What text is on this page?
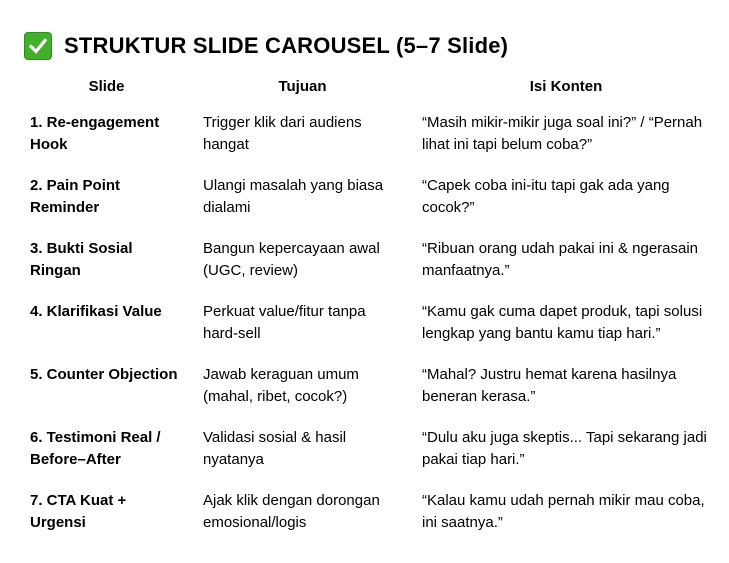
STRUKTUR SLIDE CAROUSEL (5–7 Slide)
Slide	Tujuan	Isi Konten
1. Re-engagement Hook	Trigger klik dari audiens hangat	“Masih mikir-mikir juga soal ini?” / “Pernah lihat ini tapi belum coba?”
2. Pain Point Reminder	Ulangi masalah yang biasa dialami	“Capek coba ini-itu tapi gak ada yang cocok?”
3. Bukti Sosial Ringan	Bangun kepercayaan awal (UGC, review)	“Ribuan orang udah pakai ini & ngerasain manfaatnya.”
4. Klarifikasi Value	Perkuat value/fitur tanpa hard-sell	“Kamu gak cuma dapet produk, tapi solusi lengkap yang bantu kamu tiap hari.”
5. Counter Objection	Jawab keraguan umum (mahal, ribet, cocok?)	“Mahal? Justru hemat karena hasilnya beneran kerasa.”
6. Testimoni Real / Before–After	Validasi sosial & hasil nyatanya	“Dulu aku juga skeptis... Tapi sekarang jadi pakai tiap hari.”
7. CTA Kuat + Urgensi	Ajak klik dengan dorongan emosional/logis	“Kalau kamu udah pernah mikir mau coba, ini saatnya.”
